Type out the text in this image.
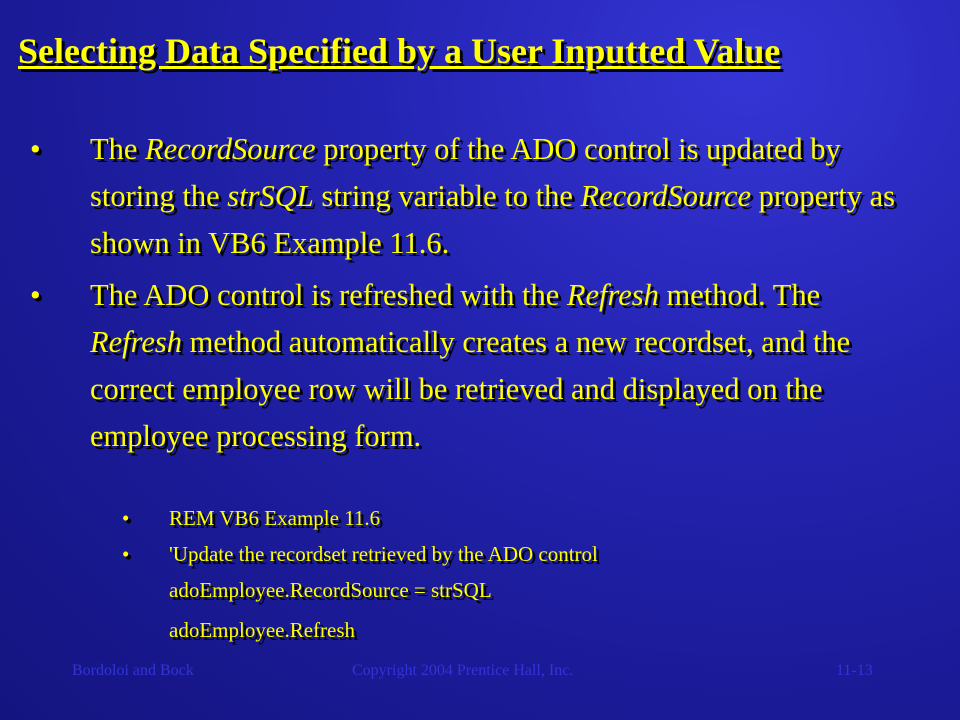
Selecting Data Specified by a User Inputted Value
• The RecordSource property of the ADO control is updated by storing the strSQL string variable to the RecordSource property as shown in VB6 Example 11.6.
• The ADO control is refreshed with the Refresh method. The Refresh method automatically creates a new recordset, and the correct employee row will be retrieved and displayed on the employee processing form.
• REM VB6 Example 11.6
• 'Update the recordset retrieved by the ADO control
adoEmployee.RecordSource = strSQL
adoEmployee.Refresh
Bordoloi and Bock	Copyright 2004 Prentice Hall, Inc.	11-13
